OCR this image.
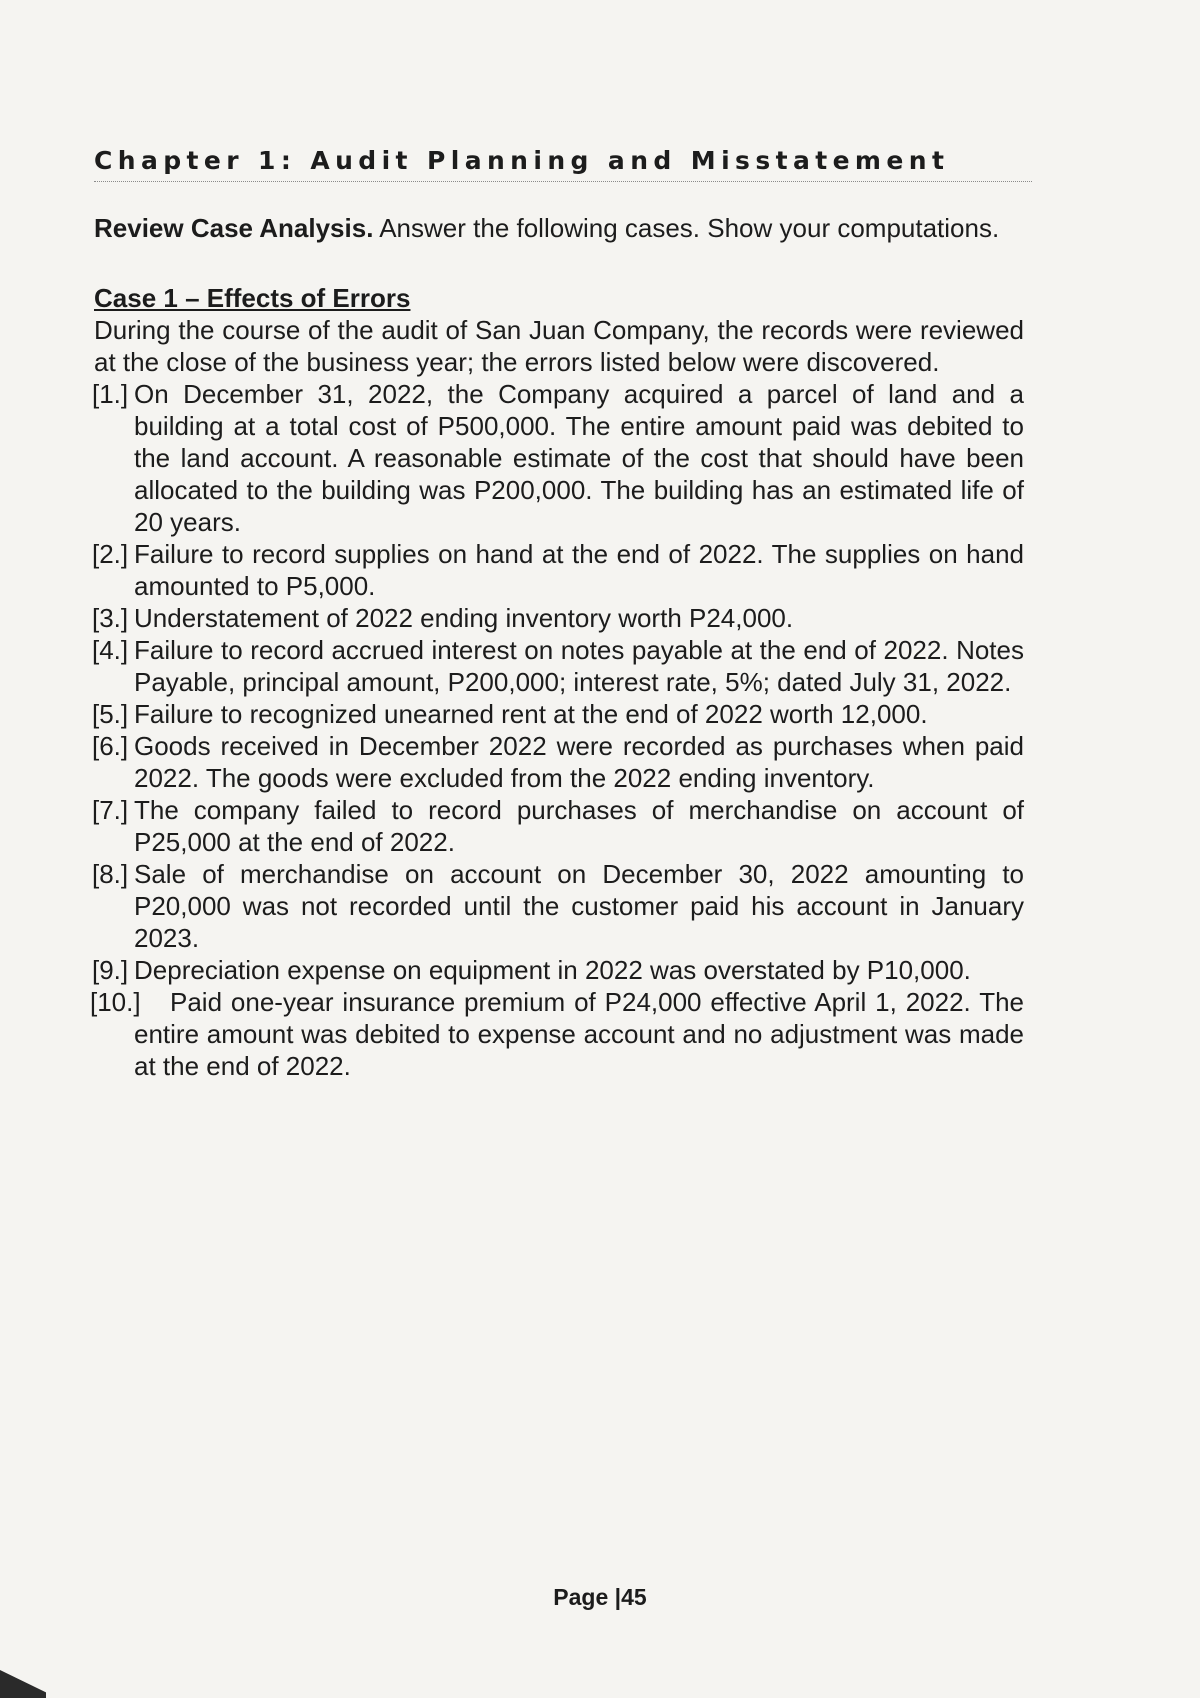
Chapter 1: Audit Planning and Misstatement

Review Case Analysis. Answer the following cases. Show your computations.

Case 1 – Effects of Errors

During the course of the audit of San Juan Company, the records were reviewed at the close of the business year; the errors listed below were discovered.

[1.] On December 31, 2022, the Company acquired a parcel of land and a building at a total cost of P500,000. The entire amount paid was debited to the land account. A reasonable estimate of the cost that should have been allocated to the building was P200,000. The building has an estimated life of 20 years.
[2.] Failure to record supplies on hand at the end of 2022. The supplies on hand amounted to P5,000.
[3.] Understatement of 2022 ending inventory worth P24,000.
[4.] Failure to record accrued interest on notes payable at the end of 2022. Notes Payable, principal amount, P200,000; interest rate, 5%; dated July 31, 2022.
[5.] Failure to recognized unearned rent at the end of 2022 worth 12,000.
[6.] Goods received in December 2022 were recorded as purchases when paid 2022. The goods were excluded from the 2022 ending inventory.
[7.] The company failed to record purchases of merchandise on account of P25,000 at the end of 2022.
[8.] Sale of merchandise on account on December 30, 2022 amounting to P20,000 was not recorded until the customer paid his account in January 2023.
[9.] Depreciation expense on equipment in 2022 was overstated by P10,000.
[10.] Paid one-year insurance premium of P24,000 effective April 1, 2022. The entire amount was debited to expense account and no adjustment was made at the end of 2022.
Page |45
